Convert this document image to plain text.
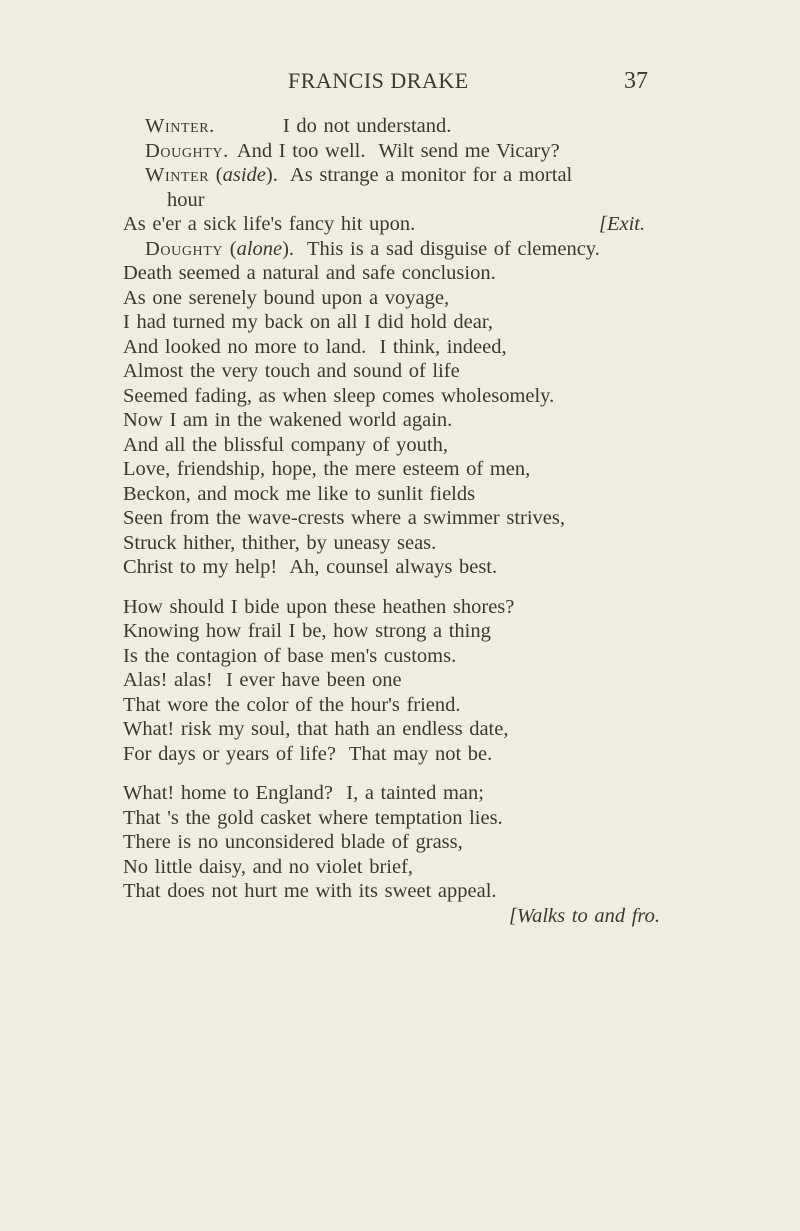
FRANCIS DRAKE	37
Winter.	I do not understand.
Doughty. And I too well.  Wilt send me Vicary?
Winter (aside).  As strange a monitor for a mortal
hour
As e'er a sick life's fancy hit upon.	[Exit.
Doughty (alone).  This is a sad disguise of clemency.
Death seemed a natural and safe conclusion.
As one serenely bound upon a voyage,
I had turned my back on all I did hold dear,
And looked no more to land.  I think, indeed,
Almost the very touch and sound of life
Seemed fading, as when sleep comes wholesomely.
Now I am in the wakened world again.
And all the blissful company of youth,
Love, friendship, hope, the mere esteem of men,
Beckon, and mock me like to sunlit fields
Seen from the wave-crests where a swimmer strives,
Struck hither, thither, by uneasy seas.
Christ to my help!  Ah, counsel always best.
How should I bide upon these heathen shores?
Knowing how frail I be, how strong a thing
Is the contagion of base men's customs.
Alas! alas!  I ever have been one
That wore the color of the hour's friend.
What! risk my soul, that hath an endless date,
For days or years of life?  That may not be.
What! home to England?  I, a tainted man;
That 's the gold casket where temptation lies.
There is no unconsidered blade of grass,
No little daisy, and no violet brief,
That does not hurt me with its sweet appeal.
[Walks to and fro.
